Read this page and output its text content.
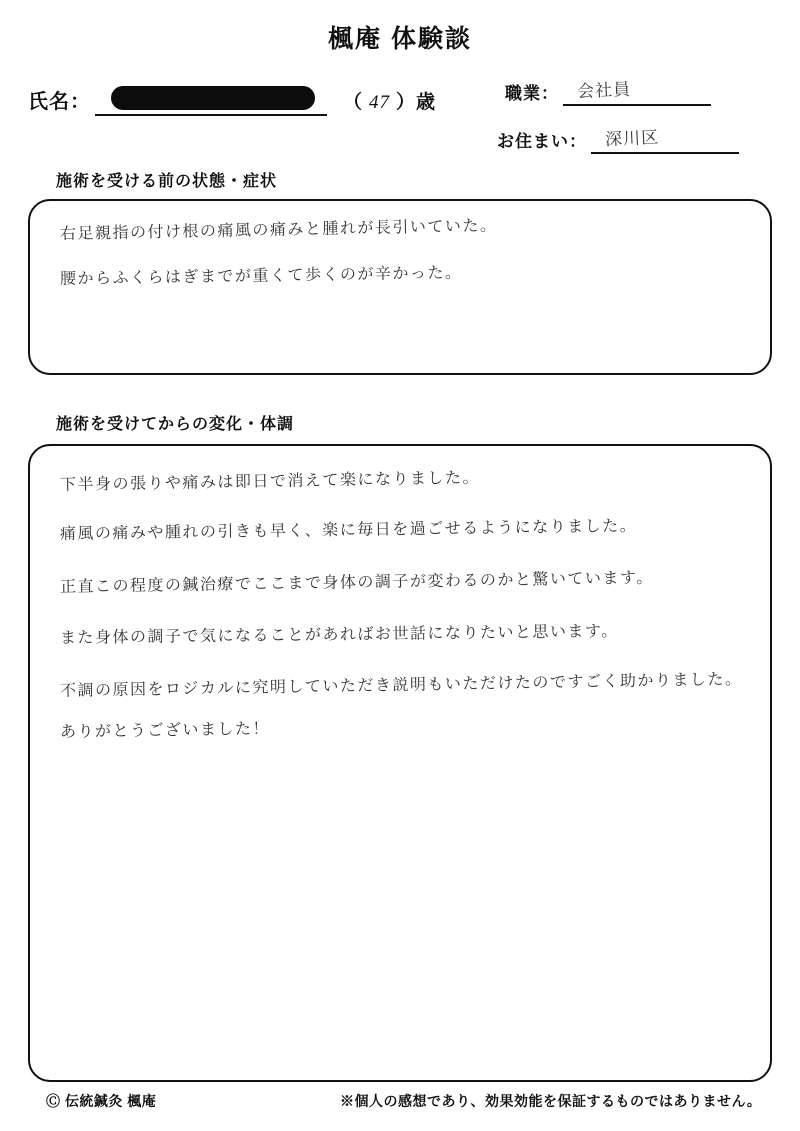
楓庵 体験談
氏名：	（ 47 ）歳	職業： 会社員
お住まい： 深川区
施術を受ける前の状態・症状
右足親指の付け根の痛風の痛みと腫れが長引いていた。
腰からふくらはぎまでが重くて歩くのが辛かった。
施術を受けてからの変化・体調
下半身の張りや痛みは即日で消えて楽になりました。
痛風の痛みや腫れの引きも早く、楽に毎日を過ごせるようになりました。
正直この程度の鍼治療でここまで身体の調子が変わるのかと驚いています。
また身体の調子で気になることがあればお世話になりたいと思います。
不調の原因をロジカルに究明していただき説明もいただけたのですごく助かりました。
ありがとうございました！
Ⓒ 伝統鍼灸 楓庵	※個人の感想であり、効果効能を保証するものではありません。
